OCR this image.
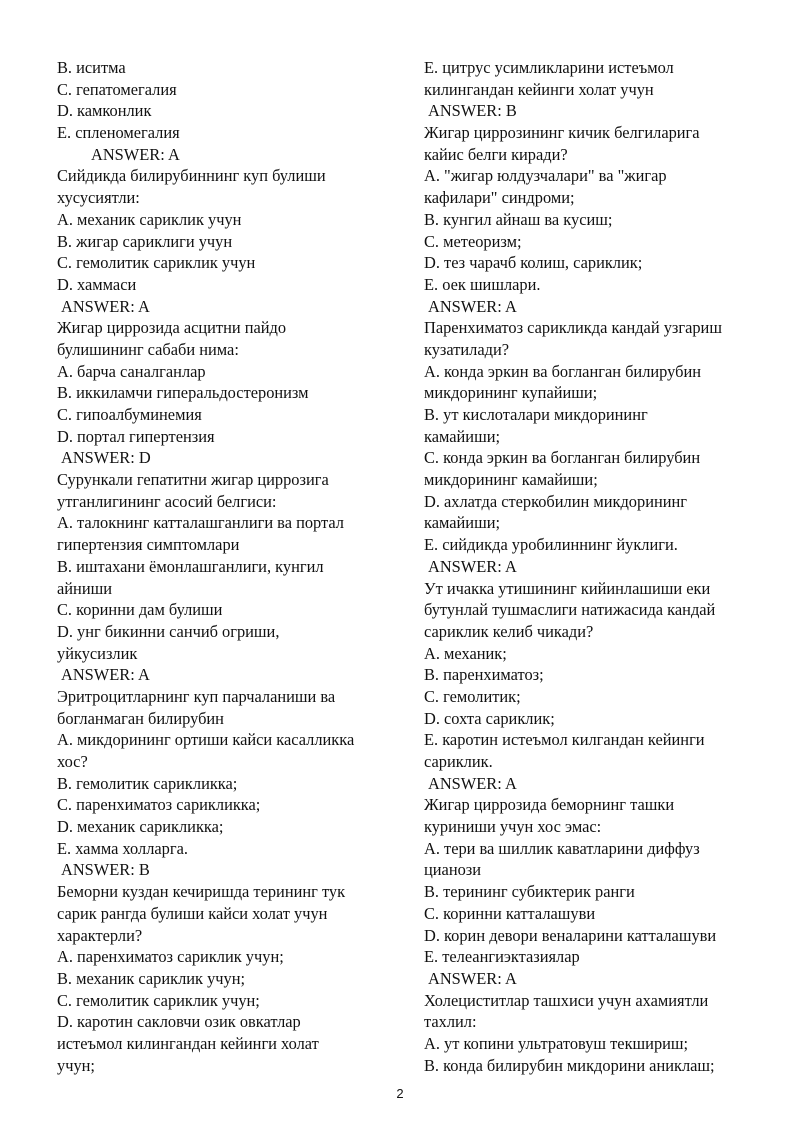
B. иситма
C. гепатомегалия
D. камконлик
E. спленомегалия
ANSWER: A
Сийдикда билирубиннинг куп булиши
хусусиятли:
A. механик сариклик учун
B. жигар сариклиги учун
C. гемолитик сариклик учун
D. хаммаси
ANSWER: A
Жигар циррозида асцитни пайдо
булишининг сабаби нима:
A. барча саналганлар
B. иккиламчи гиперальдостеронизм
C. гипоалбуминемия
D. портал гипертензия
ANSWER: D
Сурункали гепатитни жигар циррозига
утганлигининг асосий белгиси:
A. талокнинг катталашганлиги ва портал
гипертензия симптомлари
B. иштахани ёмонлашганлиги, кунгил
айниши
C. коринни дам булиши
D. унг бикинни санчиб огриши,
уйкусизлик
ANSWER: A
Эритроцитларнинг куп парчаланиши ва
богланмаган билирубин
A. микдорининг ортиши кайси касалликка
хос?
B. гемолитик сарикликка;
C. паренхиматоз сарикликка;
D. механик сарикликка;
E. хамма холларга.
ANSWER: B
Беморни куздан кечиришда терининг тук
сарик рангда булиши кайси холат учун
характерли?
A. паренхиматоз сариклик учун;
B. механик сариклик учун;
C. гемолитик сариклик учун;
D. каротин сакловчи озик овкатлар
истеъмол килингандан кейинги холат
учун;
E. цитрус усимликларини истеъмол
килингандан кейинги холат учун
ANSWER: B
Жигар циррозининг кичик белгиларига
кайис белги киради?
A. "жигар юлдузчалари" ва "жигар
кафилари" синдроми;
B. кунгил айнаш ва кусиш;
C. метеоризм;
D. тез чарачб колиш, сариклик;
E. оек шишлари.
ANSWER: A
Паренхиматоз сарикликда кандай узгариш
кузатилади?
A. конда эркин ва богланган билирубин
микдорининг купайиши;
B. ут кислоталари микдорининг
камайиши;
C. конда эркин ва богланган билирубин
микдорининг камайиши;
D. ахлатда стеркобилин микдорининг
камайиши;
E. сийдикда уробилиннинг йуклиги.
ANSWER: A
Ут ичакка утишининг кийинлашиши еки
бутунлай тушмаслиги натижасида кандай
сариклик келиб чикади?
A. механик;
B. паренхиматоз;
C. гемолитик;
D. сохта сариклик;
E. каротин истеъмол килгандан кейинги
сариклик.
ANSWER: A
Жигар циррозида беморнинг ташки
куриниши учун хос эмас:
A. тери ва шиллик каватларини диффуз
цианози
B. терининг субиктерик ранги
C. коринни катталашуви
D. корин девори веналарини катталашуви
E. телеангиэктазиялар
ANSWER: A
Холециститлар ташхиси учун ахамиятли
тахлил:
A. ут копини ультратовуш текшириш;
B. конда билирубин микдорини аниклаш;
2
